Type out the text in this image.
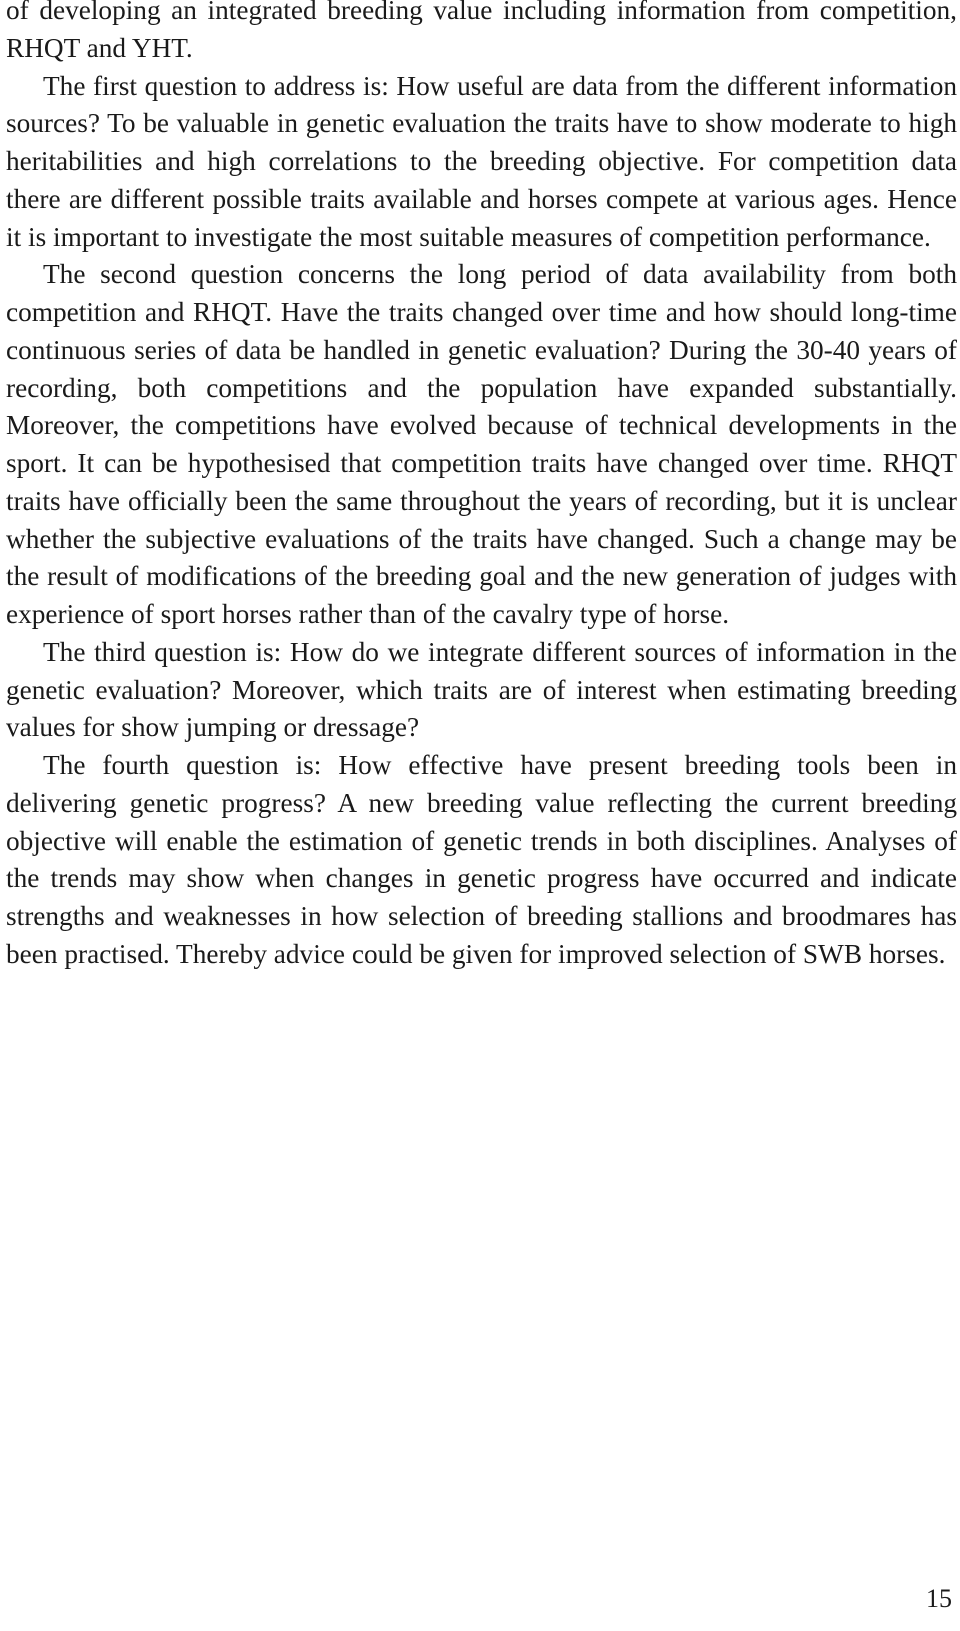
of developing an integrated breeding value including information from competition, RHQT and YHT.

The first question to address is: How useful are data from the different information sources? To be valuable in genetic evaluation the traits have to show moderate to high heritabilities and high correlations to the breeding objective. For competition data there are different possible traits available and horses compete at various ages. Hence it is important to investigate the most suitable measures of competition performance.

The second question concerns the long period of data availability from both competition and RHQT. Have the traits changed over time and how should long-time continuous series of data be handled in genetic evaluation? During the 30-40 years of recording, both competitions and the population have expanded substantially. Moreover, the competitions have evolved because of technical developments in the sport. It can be hypothesised that competition traits have changed over time. RHQT traits have officially been the same throughout the years of recording, but it is unclear whether the subjective evaluations of the traits have changed. Such a change may be the result of modifications of the breeding goal and the new generation of judges with experience of sport horses rather than of the cavalry type of horse.

The third question is: How do we integrate different sources of information in the genetic evaluation? Moreover, which traits are of interest when estimating breeding values for show jumping or dressage?

The fourth question is: How effective have present breeding tools been in delivering genetic progress? A new breeding value reflecting the current breeding objective will enable the estimation of genetic trends in both disciplines. Analyses of the trends may show when changes in genetic progress have occurred and indicate strengths and weaknesses in how selection of breeding stallions and broodmares has been practised. Thereby advice could be given for improved selection of SWB horses.

15
